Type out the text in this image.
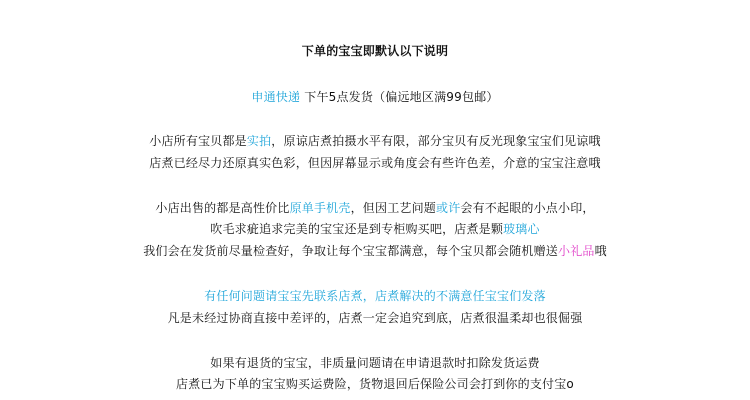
下单的宝宝即默认以下说明
申通快递 下午5点发货（偏远地区满99包邮）
小店所有宝贝都是实拍，原谅店煮拍摄水平有限，部分宝贝有反光现象宝宝们见谅哦
店煮已经尽力还原真实色彩，但因屏幕显示或角度会有些许色差，介意的宝宝注意哦
小店出售的都是高性价比原单手机壳，但因工艺问题或许会有不起眼的小点小印，
吹毛求疵追求完美的宝宝还是到专柜购买吧，店煮是颗玻璃心
我们会在发货前尽量检查好，争取让每个宝宝都满意，每个宝贝都会随机赠送小礼品哦
有任何问题请宝宝先联系店煮，店煮解决的不满意任宝宝们发落
凡是未经过协商直接中差评的，店煮一定会追究到底，店煮很温柔却也很倔强
如果有退货的宝宝，非质量问题请在申请退款时扣除发货运费
店煮已为下单的宝宝购买运费险，货物退回后保险公司会打到你的支付宝o
